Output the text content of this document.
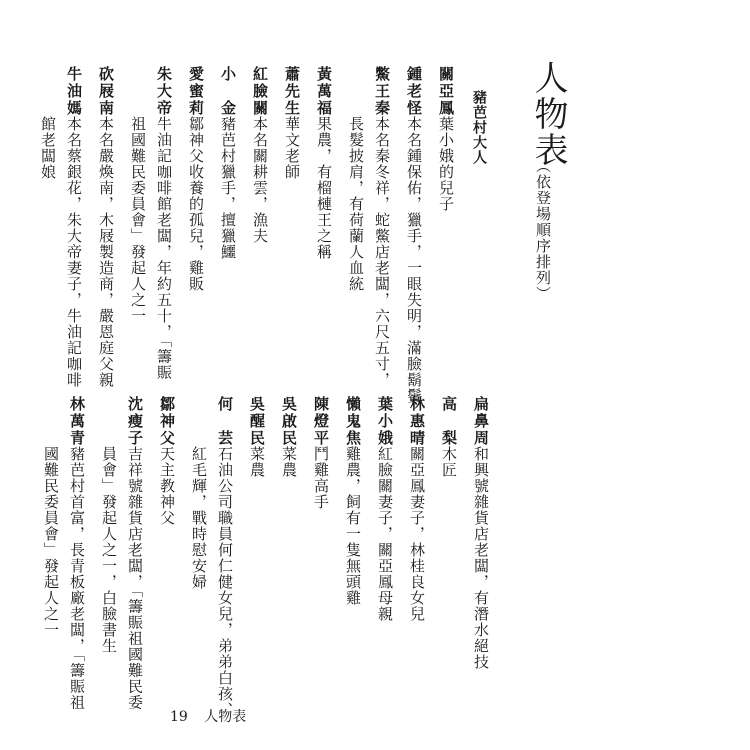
人物表
（依登場順序排列）
豬芭村大人
關亞鳳
葉小娥的兒子
鍾老怪
本名鍾保佑，獵手，一眼失明，滿臉鬍鬢
鱉王秦
本名秦冬祥，蛇鱉店老闆，六尺五寸，
長髮披肩，有荷蘭人血統
黃萬福
果農，有榴槤王之稱
蕭先生
華文老師
紅臉關
本名關耕雲，漁夫
小　金
豬芭村獵手，擅獵鱷
愛蜜莉
鄒神父收養的孤兒，雞販
朱大帝
牛油記咖啡館老闆，年約五十，「籌賑
祖國難民委員會」發起人之一
砍屐南
本名嚴煥南，木屐製造商，嚴恩庭父親
牛油媽
本名蔡銀花，朱大帝妻子，牛油記咖啡
館老闆娘
扁鼻周
和興號雜貨店老闆，有潛水絕技
高　梨
木匠
林惠晴
關亞鳳妻子，林桂良女兒
葉小娥
紅臉關妻子，關亞鳳母親
懶鬼焦
雞農，飼有一隻無頭雞
陳燈平
鬥雞高手
吳啟民
菜農
吳醒民
菜農
何　芸
石油公司職員何仁健女兒，弟弟白孩、
紅毛輝，戰時慰安婦
鄒神父
天主教神父
沈瘦子
吉祥號雜貨店老闆，「籌賑祖國難民委
員會」發起人之一，白臉書生
林萬青
豬芭村首富，長青板廠老闆，「籌賑祖
國難民委員會」發起人之一
19 人物表
